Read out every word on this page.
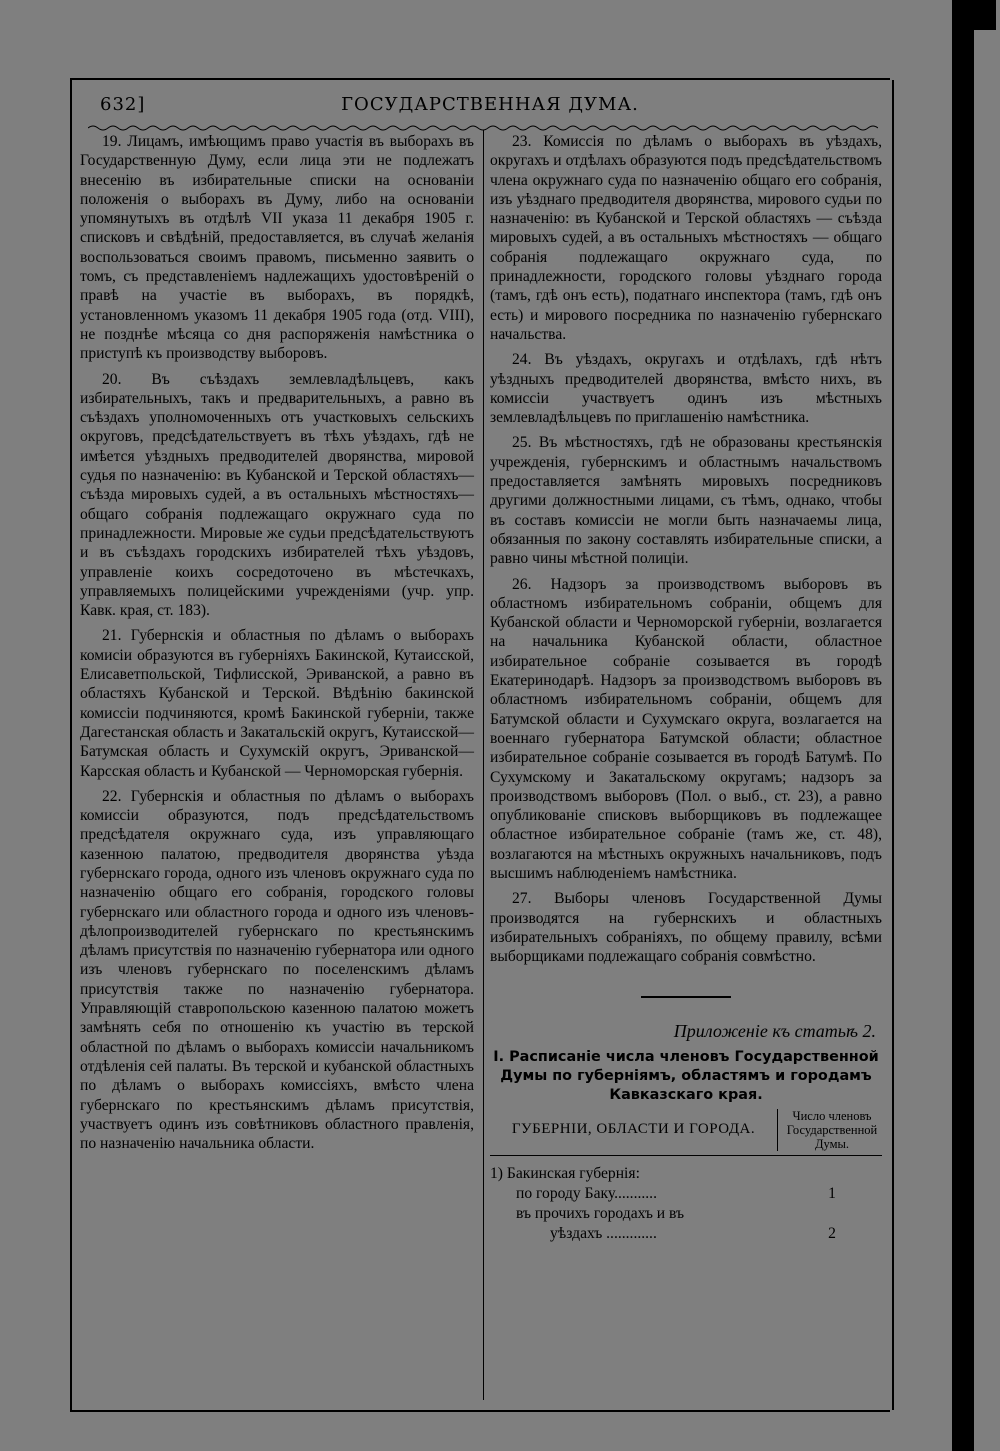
632]	ГОСУДАРСТВЕННАЯ ДУМА.

19. Лицамъ, имѣющимъ право участія въ выборахъ въ Государственную Думу, если лица эти не подлежатъ внесенію въ избирательные списки на основаніи положенія о выборахъ въ Думу, либо на основаніи упомянутыхъ въ отдѣлѣ VII указа 11 декабря 1905 г. списковъ и свѣдѣній, предоставляется, въ случаѣ желанія воспользоваться своимъ правомъ, письменно заявить о томъ, съ представленіемъ надлежащихъ удостовѣреній о правѣ на участіе въ выборахъ, въ порядкѣ, установленномъ указомъ 11 декабря 1905 года (отд. VIII), не позднѣе мѣсяца со дня распоряженія намѣстника о приступѣ къ производству выборовъ.

20. Въ съѣздахъ землевладѣльцевъ, какъ избирательныхъ, такъ и предварительныхъ, а равно въ съѣздахъ уполномоченныхъ отъ участковыхъ сельскихъ округовъ, предсѣдательствуетъ въ тѣхъ уѣздахъ, гдѣ не имѣется уѣздныхъ предводителей дворянства, мировой судья по назначенію: въ Кубанской и Терской областяхъ—съѣзда мировыхъ судей, а въ остальныхъ мѣстностяхъ—общаго собранія подлежащаго окружнаго суда по принадлежности. Мировые же судьи предсѣдательствуютъ и въ съѣздахъ городскихъ избирателей тѣхъ уѣздовъ, управленіе коихъ сосредоточено въ мѣстечкахъ, управляемыхъ полицейскими учрежденіями (учр. упр. Кавк. края, ст. 183).

21. Губернскія и областныя по дѣламъ о выборахъ комисіи образуются въ губерніяхъ Бакинской, Кутаисской, Елисаветпольской, Тифлисской, Эриванской, а равно въ областяхъ Кубанской и Терской. Вѣдѣнію бакинской комиссіи подчиняются, кромѣ Бакинской губерніи, также Дагестанская область и Закатальскій округъ, Кутаисской—Батумская область и Сухумскій округъ, Эриванской—Карсская область и Кубанской — Черноморская губернія.

22. Губернскія и областныя по дѣламъ о выборахъ комиссіи образуются, подъ предсѣдательствомъ предсѣдателя окружнаго суда, изъ управляющаго казенною палатою, предводителя дворянства уѣзда губернскаго города, одного изъ членовъ окружнаго суда по назначенію общаго его собранія, городского головы губернскаго или областного города и одного изъ членовъ-дѣлопроизводителей губернскаго по крестьянскимъ дѣламъ присутствія по назначенію губернатора или одного изъ членовъ губернскаго по поселенскимъ дѣламъ присутствія также по назначенію губернатора. Управляющій ставропольскою казенною палатою можетъ замѣнять себя по отношенію къ участію въ терской областной по дѣламъ о выборахъ комиссіи начальникомъ отдѣленія сей палаты. Въ терской и кубанской областныхъ по дѣламъ о выборахъ комиссіяхъ, вмѣсто члена губернскаго по крестьянскимъ дѣламъ присутствія, участвуетъ одинъ изъ совѣтниковъ областного правленія, по назначенію начальника области.

23. Комиссія по дѣламъ о выборахъ въ уѣздахъ, округахъ и отдѣлахъ образуются подъ предсѣдательствомъ члена окружнаго суда по назначенію общаго его собранія, изъ уѣзднаго предводителя дворянства, мирового судьи по назначенію: въ Кубанской и Терской областяхъ — съѣзда мировыхъ судей, а въ остальныхъ мѣстностяхъ — общаго собранія подлежащаго окружнаго суда, по принадлежности, городского головы уѣзднаго города (тамъ, гдѣ онъ есть), податнаго инспектора (тамъ, гдѣ онъ есть) и мирового посредника по назначенію губернскаго начальства.

24. Въ уѣздахъ, округахъ и отдѣлахъ, гдѣ нѣтъ уѣздныхъ предводителей дворянства, вмѣсто нихъ, въ комиссіи участвуетъ одинъ изъ мѣстныхъ землевладѣльцевъ по приглашенію намѣстника.

25. Въ мѣстностяхъ, гдѣ не образованы крестьянскія учрежденія, губернскимъ и областнымъ начальствомъ предоставляется замѣнять мировыхъ посредниковъ другими должностными лицами, съ тѣмъ, однако, чтобы въ составъ комиссіи не могли быть назначаемы лица, обязанныя по закону составлять избирательные списки, а равно чины мѣстной полиціи.

26. Надзоръ за производствомъ выборовъ въ областномъ избирательномъ собраніи, общемъ для Кубанской области и Черноморской губерніи, возлагается на начальника Кубанской области, областное избирательное собраніе созывается въ городѣ Екатеринодарѣ. Надзоръ за производствомъ выборовъ въ областномъ избирательномъ собраніи, общемъ для Батумской области и Сухумскаго округа, возлагается на военнаго губернатора Батумской области; областное избирательное собраніе созывается въ городѣ Батумѣ. По Сухумскому и Закатальскому округамъ; надзоръ за производствомъ выборовъ (Пол. о выб., ст. 23), а равно опубликованіе списковъ выборщиковъ въ подлежащее областное избирательное собраніе (тамъ же, ст. 48), возлагаются на мѣстныхъ окружныхъ начальниковъ, подъ высшимъ наблюденіемъ намѣстника.

27. Выборы членовъ Государственной Думы производятся на губернскихъ и областныхъ избирательныхъ собраніяхъ, по общему правилу, всѣми выборщиками подлежащаго собранія совмѣстно.

Приложеніе къ статьѣ 2.
I. Расписаніе числа членовъ Государственной Думы по губерніямъ, областямъ и городамъ Кавказскаго края.
ГУБЕРНІИ, ОБЛАСТИ И ГОРОДА.
Число членовъ Государственной Думы.
1) Бакинская губернія:
по городу Баку...........	1
въ прочихъ городахъ и въ
уѣздахъ .............	2
